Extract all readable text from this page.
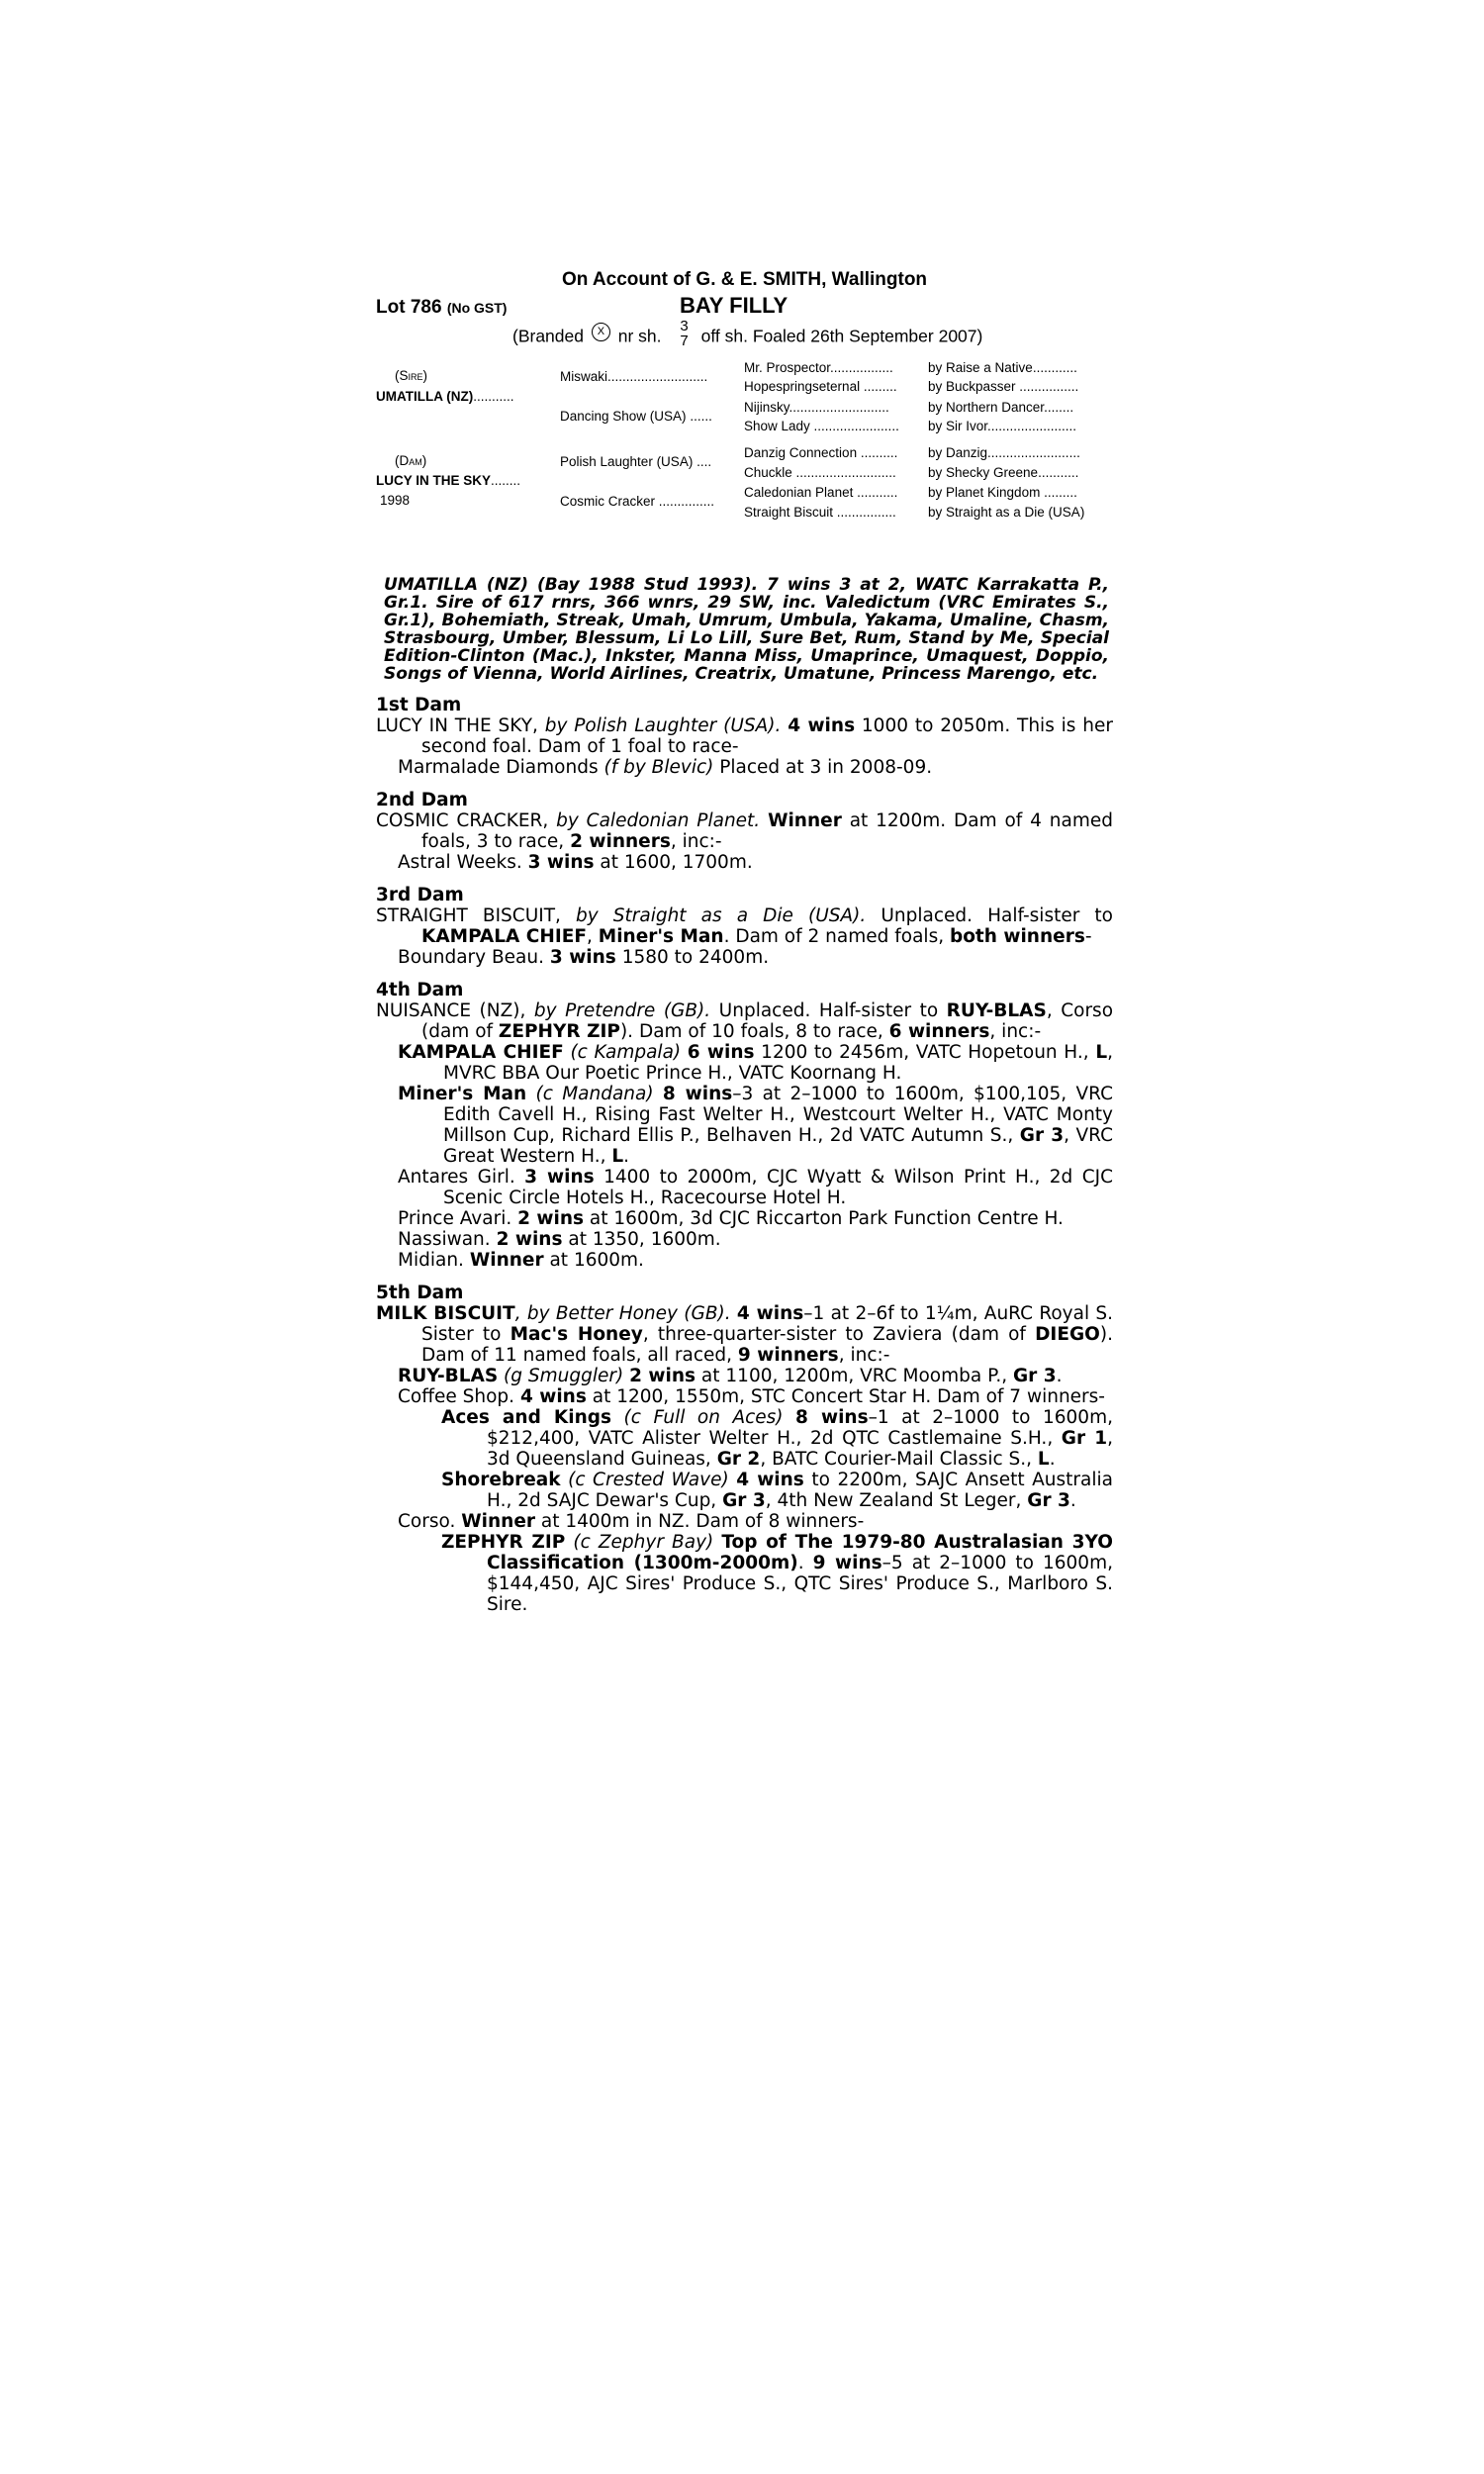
On Account of G. & E. SMITH, Wallington
Lot 786 (No GST)	BAY FILLY
(Branded X nr sh.
3
7 off sh. Foaled 26th September 2007)
(Sire)
UMATILLA (NZ)...........
(Dam)
LUCY IN THE SKY........
1998
Miswaki...........................
Dancing Show (USA) ......
Polish Laughter (USA) ....
Cosmic Cracker ...............
Mr. Prospector.................
Hopespringseternal .........
Nijinsky...........................
Show Lady .......................
Danzig Connection ..........
Chuckle ...........................
Caledonian Planet ...........
Straight Biscuit ................
by Raise a Native............
by Buckpasser ................
by Northern Dancer........
by Sir Ivor........................
by Danzig.........................
by Shecky Greene...........
by Planet Kingdom .........
by Straight as a Die (USA)
UMATILLA (NZ) (Bay 1988 Stud 1993). 7 wins 3 at 2, WATC Karrakatta P., Gr.1. Sire of 617 rnrs, 366 wnrs, 29 SW, inc. Valedictum (VRC Emirates S., Gr.1), Bohemiath, Streak, Umah, Umrum, Umbula, Yakama, Umaline, Chasm, Strasbourg, Umber, Blessum, Li Lo Lill, Sure Bet, Rum, Stand by Me, Special Edition-Clinton (Mac.), Inkster, Manna Miss, Umaprince, Umaquest, Doppio, Songs of Vienna, World Airlines, Creatrix, Umatune, Princess Marengo, etc.
1st Dam
LUCY IN THE SKY, by Polish Laughter (USA). 4 wins 1000 to 2050m. This is her second foal. Dam of 1 foal to race-
Marmalade Diamonds (f by Blevic) Placed at 3 in 2008-09.
2nd Dam
COSMIC CRACKER, by Caledonian Planet. Winner at 1200m. Dam of 4 named foals, 3 to race, 2 winners, inc:-
Astral Weeks. 3 wins at 1600, 1700m.
3rd Dam
STRAIGHT BISCUIT, by Straight as a Die (USA). Unplaced. Half-sister to KAMPALA CHIEF, Miner's Man. Dam of 2 named foals, both winners-
Boundary Beau. 3 wins 1580 to 2400m.
4th Dam
NUISANCE (NZ), by Pretendre (GB). Unplaced. Half-sister to RUY-BLAS, Corso (dam of ZEPHYR ZIP). Dam of 10 foals, 8 to race, 6 winners, inc:-
KAMPALA CHIEF (c Kampala) 6 wins 1200 to 2456m, VATC Hopetoun H., L, MVRC BBA Our Poetic Prince H., VATC Koornang H.
Miner's Man (c Mandana) 8 wins–3 at 2–1000 to 1600m, $100,105, VRC Edith Cavell H., Rising Fast Welter H., Westcourt Welter H., VATC Monty Millson Cup, Richard Ellis P., Belhaven H., 2d VATC Autumn S., Gr 3, VRC Great Western H., L.
Antares Girl. 3 wins 1400 to 2000m, CJC Wyatt & Wilson Print H., 2d CJC Scenic Circle Hotels H., Racecourse Hotel H.
Prince Avari. 2 wins at 1600m, 3d CJC Riccarton Park Function Centre H.
Nassiwan. 2 wins at 1350, 1600m.
Midian. Winner at 1600m.
5th Dam
MILK BISCUIT, by Better Honey (GB). 4 wins–1 at 2–6f to 1¼m, AuRC Royal S. Sister to Mac's Honey, three-quarter-sister to Zaviera (dam of DIEGO). Dam of 11 named foals, all raced, 9 winners, inc:-
RUY-BLAS (g Smuggler) 2 wins at 1100, 1200m, VRC Moomba P., Gr 3.
Coffee Shop. 4 wins at 1200, 1550m, STC Concert Star H. Dam of 7 winners-
Aces and Kings (c Full on Aces) 8 wins–1 at 2–1000 to 1600m, $212,400, VATC Alister Welter H., 2d QTC Castlemaine S.H., Gr 1, 3d Queensland Guineas, Gr 2, BATC Courier-Mail Classic S., L.
Shorebreak (c Crested Wave) 4 wins to 2200m, SAJC Ansett Australia H., 2d SAJC Dewar's Cup, Gr 3, 4th New Zealand St Leger, Gr 3.
Corso. Winner at 1400m in NZ. Dam of 8 winners-
ZEPHYR ZIP (c Zephyr Bay) Top of The 1979-80 Australasian 3YO Classification (1300m-2000m). 9 wins–5 at 2–1000 to 1600m, $144,450, AJC Sires' Produce S., QTC Sires' Produce S., Marlboro S. Sire.
